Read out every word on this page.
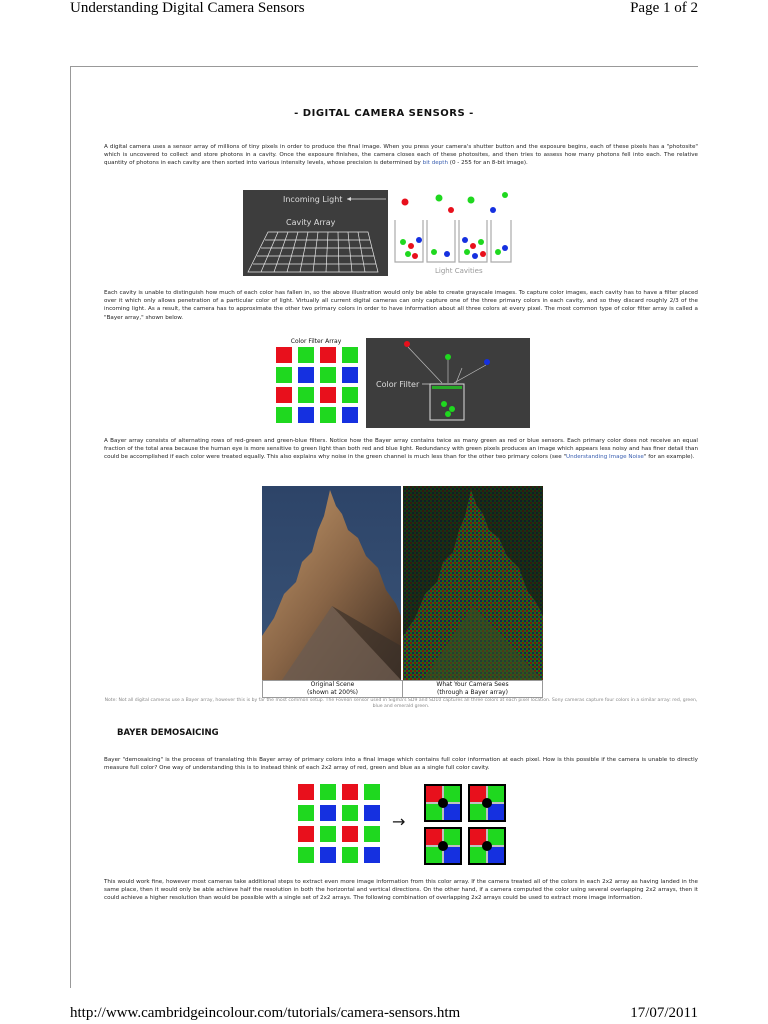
Understanding Digital Camera Sensors	Page 1 of 2
http://www.cambridgeincolour.com/tutorials/camera-sensors.htm	17/07/2011
- DIGITAL CAMERA SENSORS -
A digital camera uses a sensor array of millions of tiny pixels in order to produce the final image. When you press your camera's shutter button and the exposure begins, each of these pixels has a "photosite" which is uncovered to collect and store photons in a cavity. Once the exposure finishes, the camera closes each of these photosites, and then tries to assess how many photons fell into each. The relative quantity of photons in each cavity are then sorted into various intensity levels, whose precision is determined by bit depth (0 - 255 for an 8-bit image).
Incoming Light
Cavity Array
Light Cavities
Each cavity is unable to distinguish how much of each color has fallen in, so the above illustration would only be able to create grayscale images. To capture color images, each cavity has to have a filter placed over it which only allows penetration of a particular color of light. Virtually all current digital cameras can only capture one of the three primary colors in each cavity, and so they discard roughly 2/3 of the incoming light. As a result, the camera has to approximate the other two primary colors in order to have information about all three colors at every pixel. The most common type of color filter array is called a "Bayer array," shown below.
Color Filter Array
Color Filter
A Bayer array consists of alternating rows of red-green and green-blue filters. Notice how the Bayer array contains twice as many green as red or blue sensors. Each primary color does not receive an equal fraction of the total area because the human eye is more sensitive to green light than both red and blue light. Redundancy with green pixels produces an image which appears less noisy and has finer detail than could be accomplished if each color were treated equally. This also explains why noise in the green channel is much less than for the other two primary colors (see "Understanding Image Noise" for an example).
Original Scene
(shown at 200%)
What Your Camera Sees
(through a Bayer array)
Note: Not all digital cameras use a Bayer array, however this is by far the most common setup. The Foveon sensor used in Sigma's SD9 and SD10 captures all three colors at each pixel location. Sony cameras capture four colors in a similar array: red, green, blue and emerald green.
BAYER DEMOSAICING
Bayer "demosaicing" is the process of translating this Bayer array of primary colors into a final image which contains full color information at each pixel. How is this possible if the camera is unable to directly measure full color? One way of understanding this is to instead think of each 2x2 array of red, green and blue as a single full color cavity.
→
This would work fine, however most cameras take additional steps to extract even more image information from this color array. If the camera treated all of the colors in each 2x2 array as having landed in the same place, then it would only be able achieve half the resolution in both the horizontal and vertical directions. On the other hand, if a camera computed the color using several overlapping 2x2 arrays, then it could achieve a higher resolution than would be possible with a single set of 2x2 arrays. The following combination of overlapping 2x2 arrays could be used to extract more image information.
